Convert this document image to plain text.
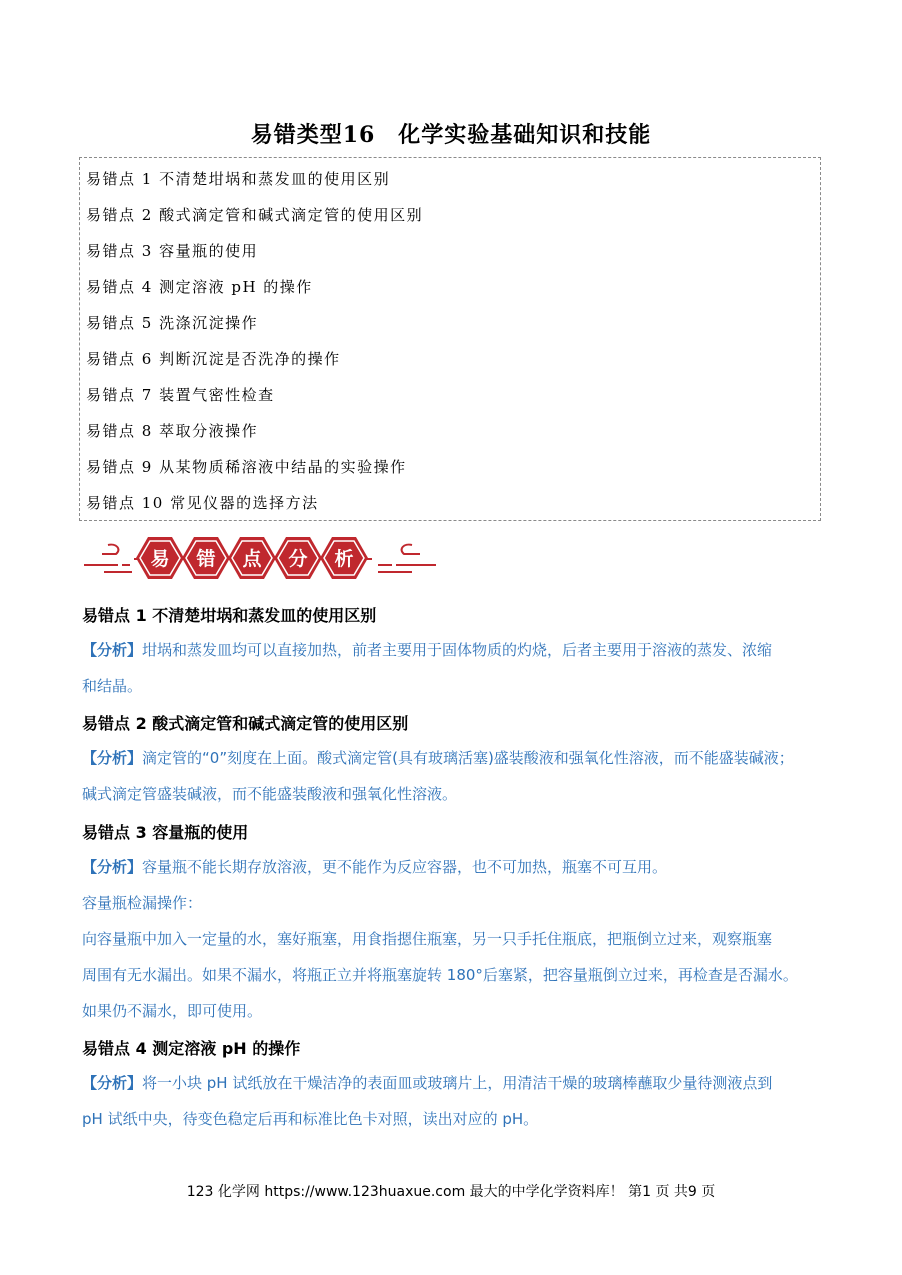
易错类型16　化学实验基础知识和技能
易错点 1 不清楚坩埚和蒸发皿的使用区别
易错点 2 酸式滴定管和碱式滴定管的使用区别
易错点 3 容量瓶的使用
易错点 4 测定溶液 pH 的操作
易错点 5 洗涤沉淀操作
易错点 6 判断沉淀是否洗净的操作
易错点 7 装置气密性检查
易错点 8 萃取分液操作
易错点 9 从某物质稀溶液中结晶的实验操作
易错点 10 常见仪器的选择方法
易 错 点 分 析
易错点 1 不清楚坩埚和蒸发皿的使用区别
【分析】坩埚和蒸发皿均可以直接加热，前者主要用于固体物质的灼烧，后者主要用于溶液的蒸发、浓缩
和结晶。
易错点 2 酸式滴定管和碱式滴定管的使用区别
【分析】滴定管的“0”刻度在上面。酸式滴定管(具有玻璃活塞)盛装酸液和强氧化性溶液，而不能盛装碱液；
碱式滴定管盛装碱液，而不能盛装酸液和强氧化性溶液。
易错点 3 容量瓶的使用
【分析】容量瓶不能长期存放溶液，更不能作为反应容器，也不可加热，瓶塞不可互用。
容量瓶检漏操作：
向容量瓶中加入一定量的水，塞好瓶塞，用食指摁住瓶塞，另一只手托住瓶底，把瓶倒立过来，观察瓶塞
周围有无水漏出。如果不漏水，将瓶正立并将瓶塞旋转 180°后塞紧，把容量瓶倒立过来，再检查是否漏水。
如果仍不漏水，即可使用。
易错点 4 测定溶液 pH 的操作
【分析】将一小块 pH 试纸放在干燥洁净的表面皿或玻璃片上，用清洁干燥的玻璃棒蘸取少量待测液点到
pH 试纸中央，待变色稳定后再和标准比色卡对照，读出对应的 pH。
123 化学网 https://www.123huaxue.com 最大的中学化学资料库！ 第1 页 共9 页
